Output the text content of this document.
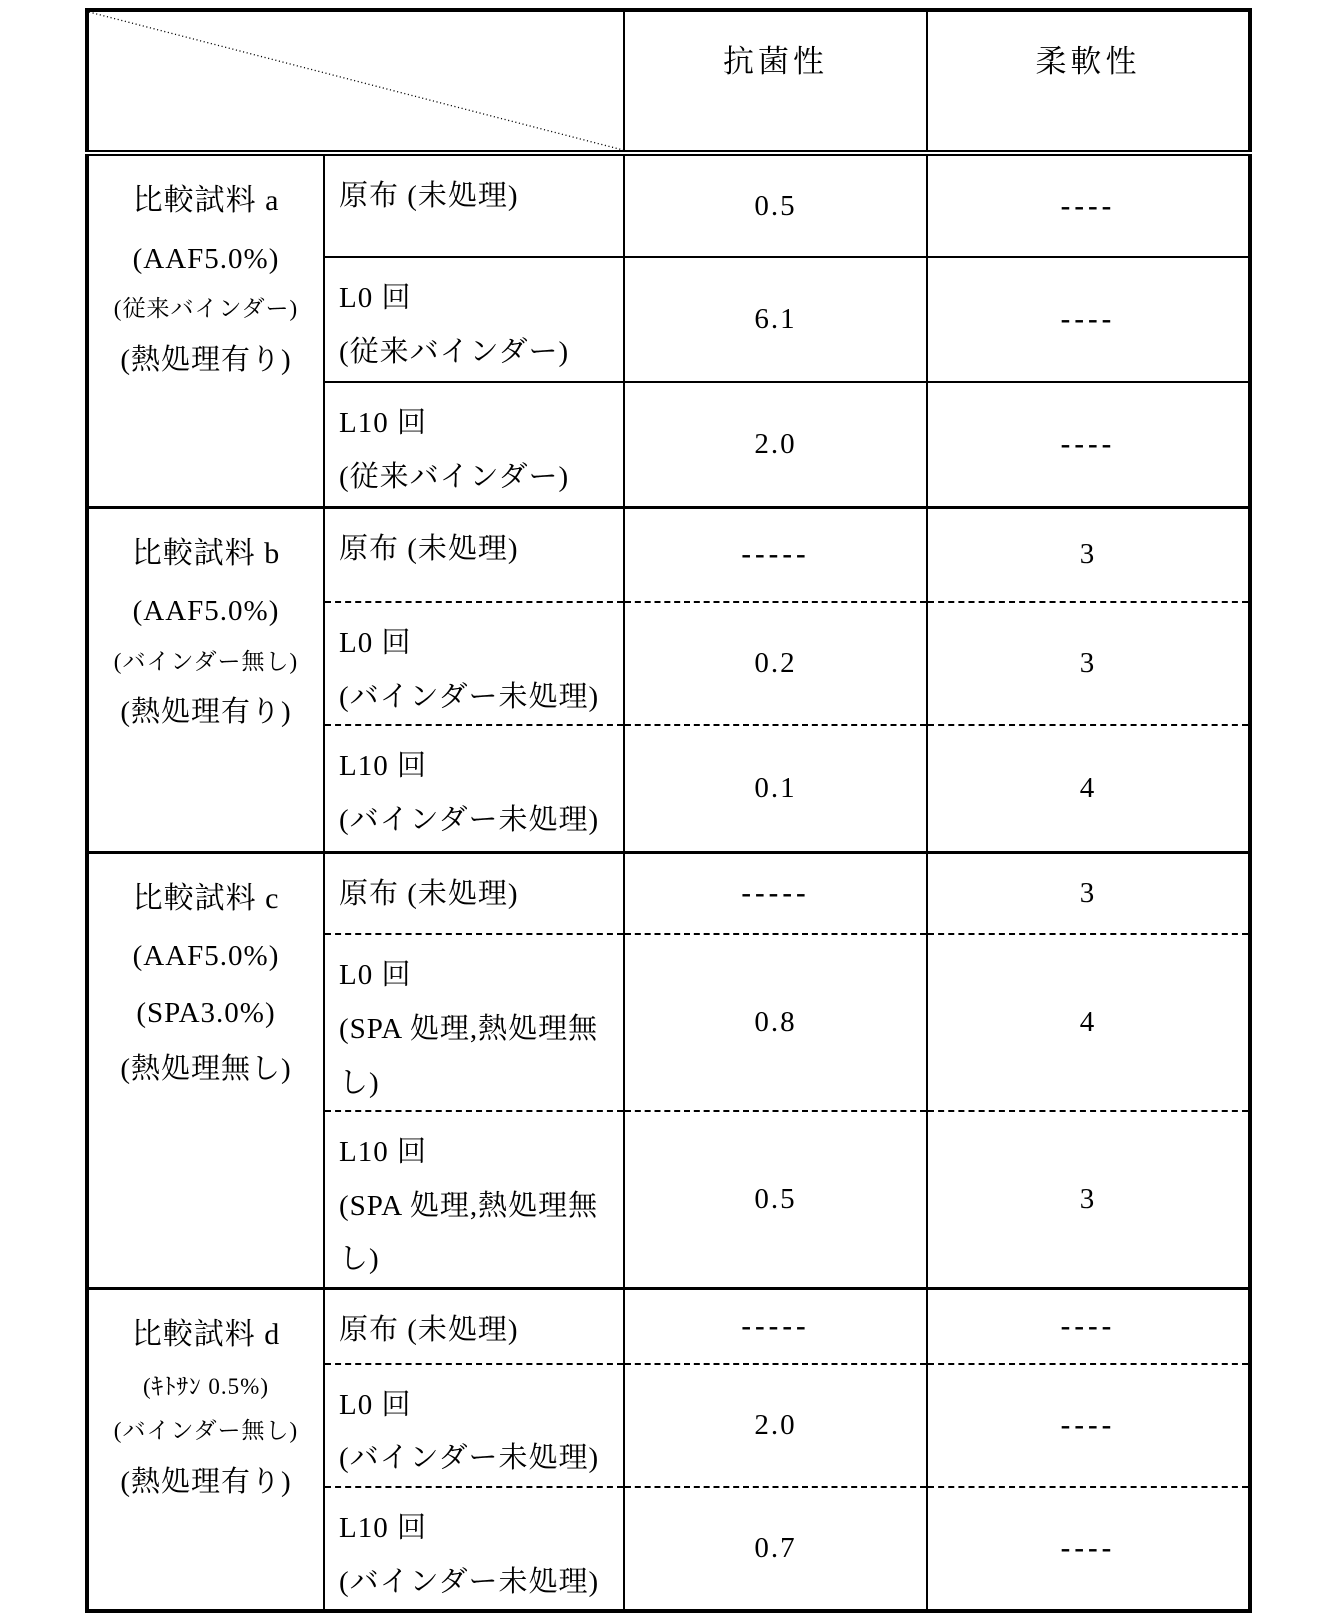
	抗菌性	柔軟性

比較試料 a
(AAF5.0%)
(従来バインダー)
(熱処理有り)	原布 (未処理)	0.5	----

	L0 回
(従来バインダー)	6.1	----

	L10 回
(従来バインダー)	2.0	----

比較試料 b
(AAF5.0%)
(バインダー無し)
(熱処理有り)	原布 (未処理)	-----	3

	L0 回
(バインダー未処理)	0.2	3

	L10 回
(バインダー未処理)	0.1	4

比較試料 c
(AAF5.0%)
(SPA3.0%)
(熱処理無し)	原布 (未処理)	-----	3

	L0 回
(SPA 処理,熱処理無し)	0.8	4

	L10 回
(SPA 処理,熱処理無し)	0.5	3

比較試料 d
(ｷﾄｻﾝ 0.5%)
(バインダー無し)
(熱処理有り)	原布 (未処理)	-----	----

	L0 回
(バインダー未処理)	2.0	----

	L10 回
(バインダー未処理)	0.7	----
